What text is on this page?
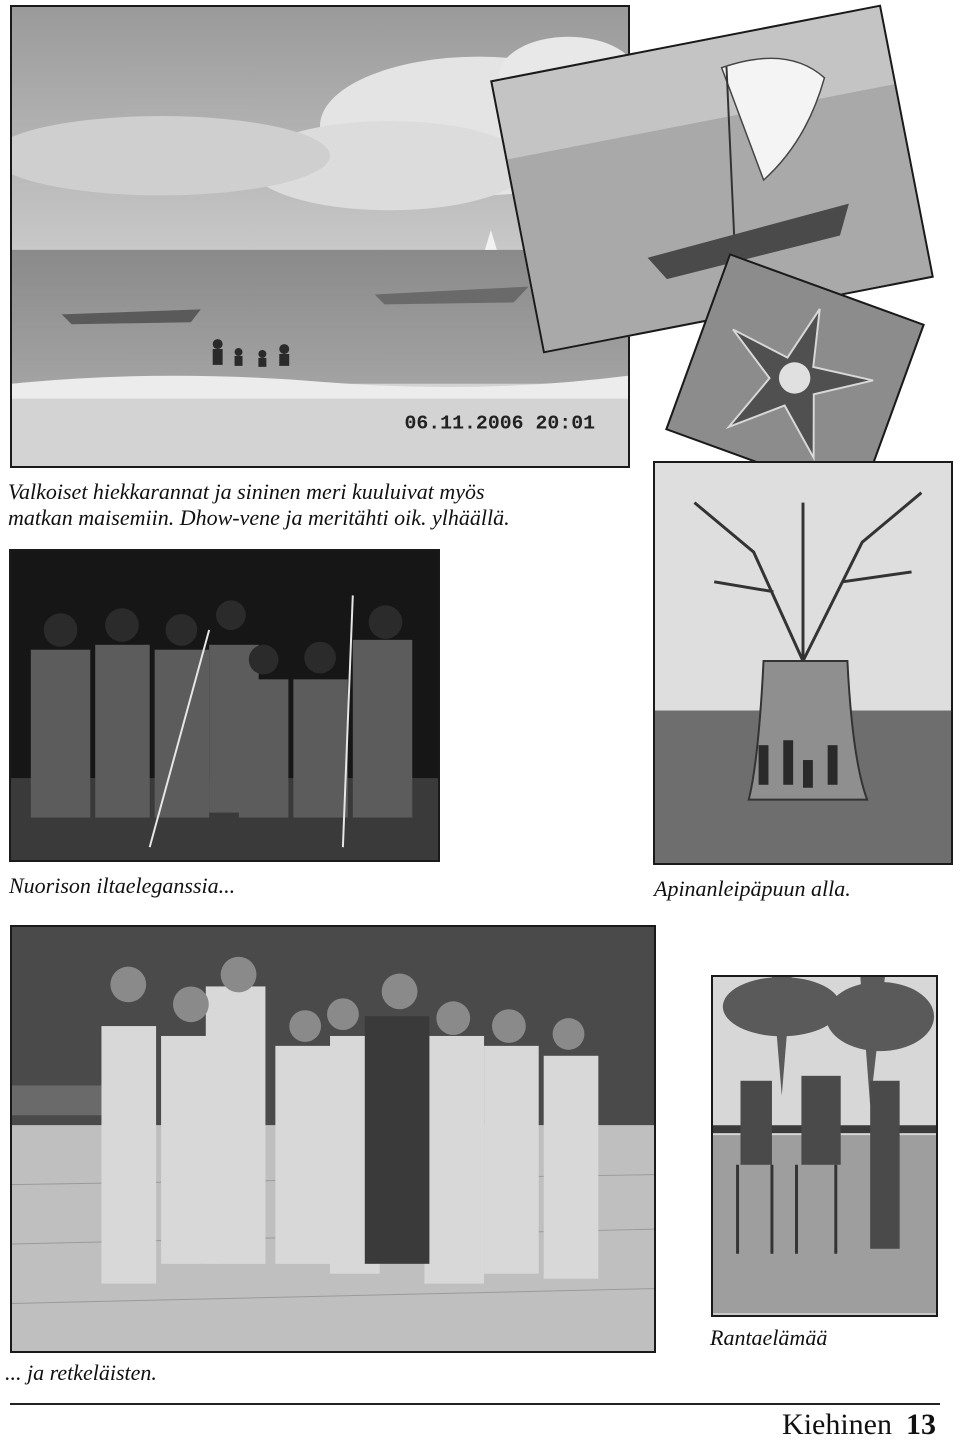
06.11.2006 20:01
Valkoiset hiekkarannat ja sininen meri kuuluivat myös
matkan maisemiin. Dhow-vene ja meritähti oik. ylhäällä.
Nuorison iltaeleganssia...	Apinanleipäpuun alla.
Rantaelämää
... ja retkeläisten.
Kiehinen 13
